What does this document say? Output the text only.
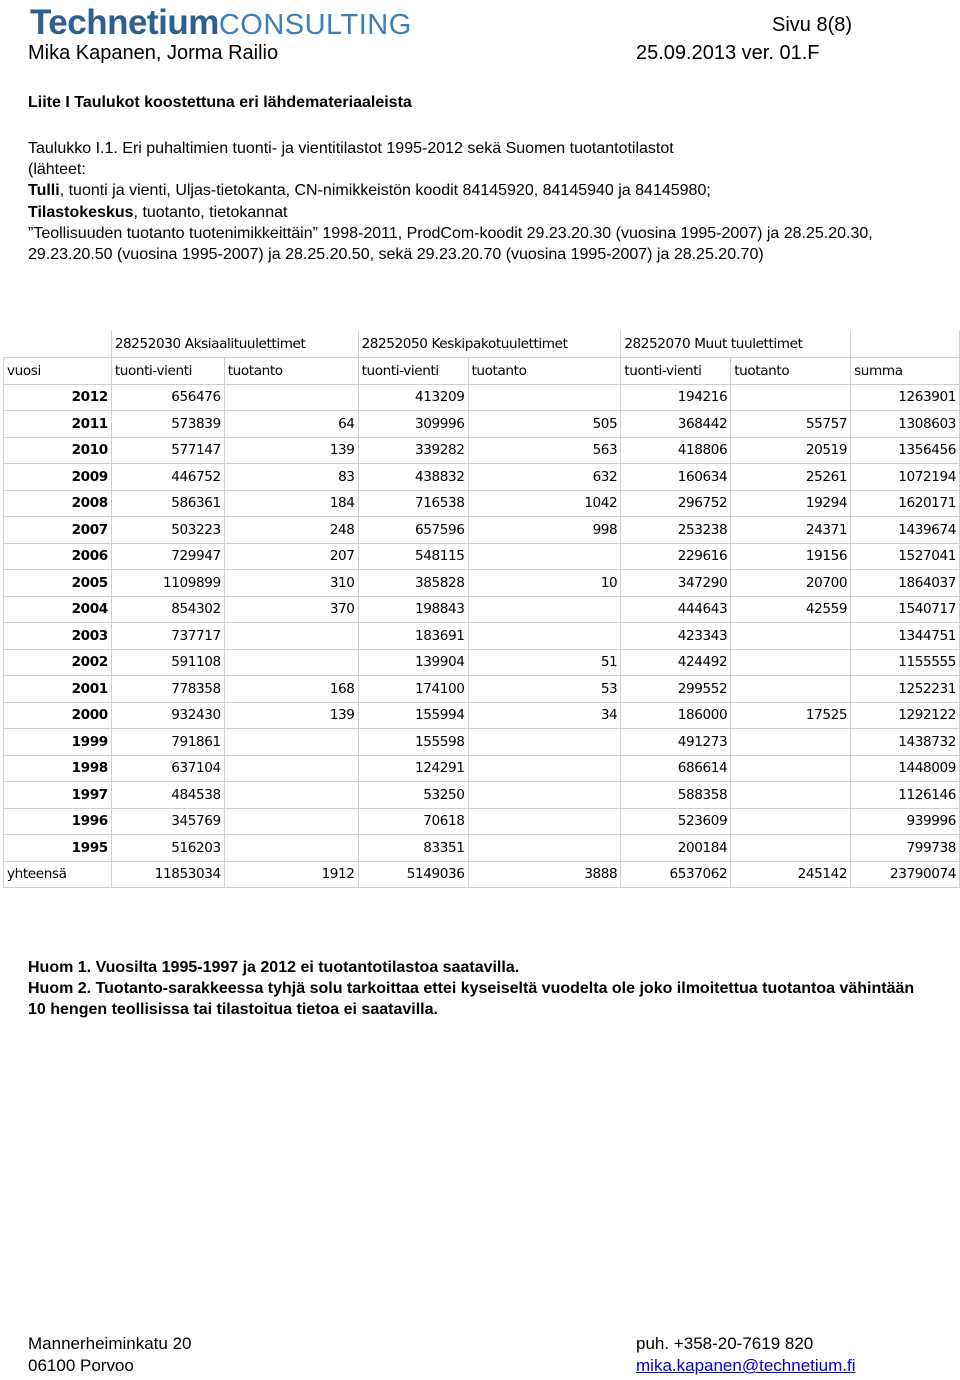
TechnetiumCONSULTING	Sivu 8(8)
Mika Kapanen, Jorma Railio	25.09.2013 ver. 01.F
Liite I Taulukot koostettuna eri lähdemateriaaleista

Taulukko I.1. Eri puhaltimien tuonti- ja vientitilastot 1995-2012 sekä Suomen tuotantotilastot

(lähteet:

Tulli, tuonti ja vienti, Uljas-tietokanta, CN-nimikkeistön koodit 84145920, 84145940 ja 84145980;

Tilastokeskus, tuotanto, tietokannat

”Teollisuuden tuotanto tuotenimikkeittäin” 1998-2011, ProdCom-koodit 29.23.20.30 (vuosina 1995-2007) ja 28.25.20.30, 29.23.20.50 (vuosina 1995-2007) ja 28.25.20.50, sekä 29.23.20.70 (vuosina 1995-2007) ja 28.25.20.70)

	28252030 Aksiaalituulettimet		28252050 Keskipakotuulettimet		28252070 Muut tuulettimet		
vuosi	tuonti-vienti	tuotanto	tuonti-vienti	tuotanto	tuonti-vienti	tuotanto	summa
2012	656476		413209		194216		1263901
2011	573839	64	309996	505	368442	55757	1308603
2010	577147	139	339282	563	418806	20519	1356456
2009	446752	83	438832	632	160634	25261	1072194
2008	586361	184	716538	1042	296752	19294	1620171
2007	503223	248	657596	998	253238	24371	1439674
2006	729947	207	548115		229616	19156	1527041
2005	1109899	310	385828	10	347290	20700	1864037
2004	854302	370	198843		444643	42559	1540717
2003	737717		183691		423343		1344751
2002	591108		139904	51	424492		1155555
2001	778358	168	174100	53	299552		1252231
2000	932430	139	155994	34	186000	17525	1292122
1999	791861		155598		491273		1438732
1998	637104		124291		686614		1448009
1997	484538		53250		588358		1126146
1996	345769		70618		523609		939996
1995	516203		83351		200184		799738
yhteensä	11853034	1912	5149036	3888	6537062	245142	23790074

Huom 1. Vuosilta 1995-1997 ja 2012 ei tuotantotilastoa saatavilla.

Huom 2. Tuotanto-sarakkeessa tyhjä solu tarkoittaa ettei kyseiseltä vuodelta ole joko ilmoitettua tuotantoa vähintään 10 hengen teollisissa tai tilastoitua tietoa ei saatavilla.

Mannerheiminkatu 20
06100 Porvoo
puh. +358-20-7619 820
mika.kapanen@technetium.fi
